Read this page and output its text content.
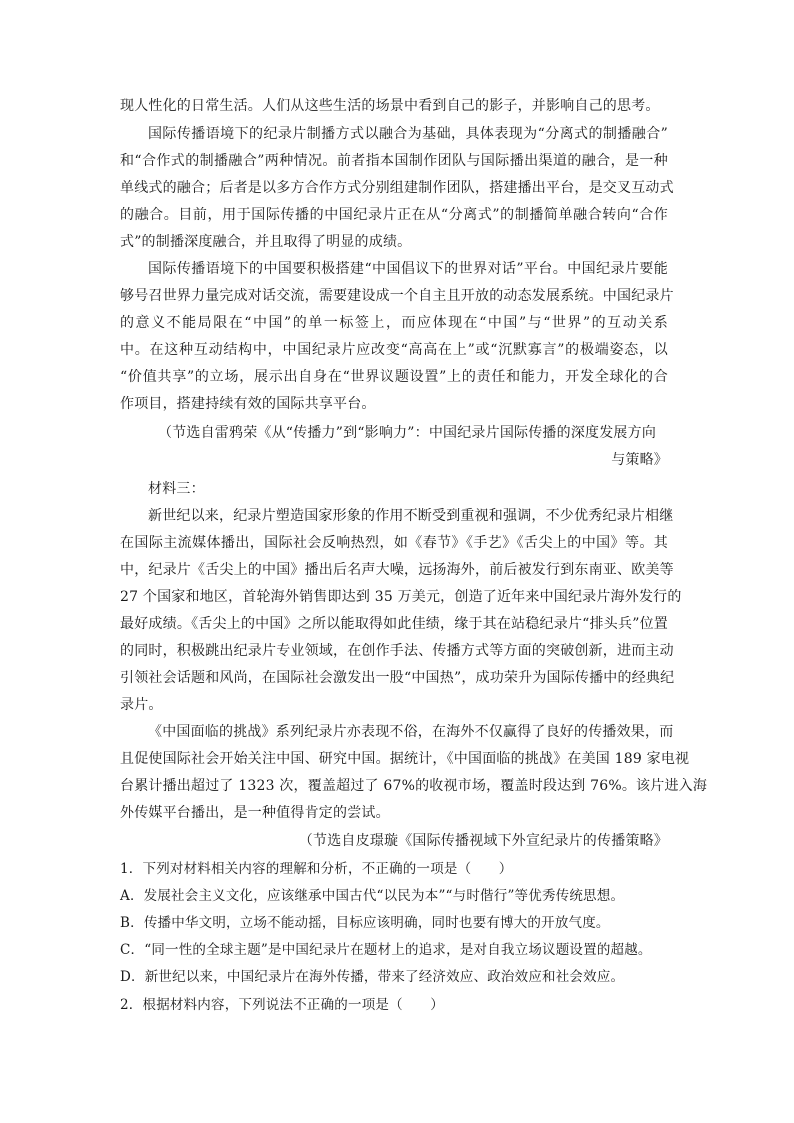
现人性化的日常生活。人们从这些生活的场景中看到自己的影子，并影响自己的思考。
国际传播语境下的纪录片制播方式以融合为基础，具体表现为“分离式的制播融合”
和“合作式的制播融合”两种情况。前者指本国制作团队与国际播出渠道的融合，是一种
单线式的融合；后者是以多方合作方式分别组建制作团队，搭建播出平台，是交叉互动式
的融合。目前，用于国际传播的中国纪录片正在从“分离式”的制播简单融合转向“合作
式”的制播深度融合，并且取得了明显的成绩。
国际传播语境下的中国要积极搭建“中国倡议下的世界对话”平台。中国纪录片要能
够号召世界力量完成对话交流，需要建设成一个自主且开放的动态发展系统。中国纪录片
的意义不能局限在“中国”的单一标签上，而应体现在“中国”与“世界”的互动关系
中。在这种互动结构中，中国纪录片应改变“高高在上”或“沉默寡言”的极端姿态，以
“价值共享”的立场，展示出自身在“世界议题设置”上的责任和能力，开发全球化的合
作项目，搭建持续有效的国际共享平台。
（节选自雷鸦荣《从“传播力”到“影响力”：中国纪录片国际传播的深度发展方向
与策略》
材料三：
新世纪以来，纪录片塑造国家形象的作用不断受到重视和强调，不少优秀纪录片相继
在国际主流媒体播出，国际社会反响热烈，如《春节》《手艺》《舌尖上的中国》等。其
中，纪录片《舌尖上的中国》播出后名声大噪，远扬海外，前后被发行到东南亚、欧美等
27 个国家和地区，首轮海外销售即达到 35 万美元，创造了近年来中国纪录片海外发行的
最好成绩。《舌尖上的中国》之所以能取得如此佳绩，缘于其在站稳纪录片“排头兵”位置
的同时，积极跳出纪录片专业领域，在创作手法、传播方式等方面的突破创新，进而主动
引领社会话题和风尚，在国际社会激发出一股“中国热”，成功荣升为国际传播中的经典纪
录片。
《中国面临的挑战》系列纪录片亦表现不俗，在海外不仅赢得了良好的传播效果，而
且促使国际社会开始关注中国、研究中国。据统计，《中国面临的挑战》在美国 189 家电视
台累计播出超过了 1323 次，覆盖超过了 67%的收视市场，覆盖时段达到 76%。该片进入海
外传媒平台播出，是一种值得肯定的尝试。
（节选自皮璟璇《国际传播视域下外宣纪录片的传播策略》
1．下列对材料相关内容的理解和分析，不正确的一项是（　　）
A．发展社会主义文化，应该继承中国古代“以民为本”“与时偕行”等优秀传统思想。
B．传播中华文明，立场不能动摇，目标应该明确，同时也要有博大的开放气度。
C．“同一性的全球主题”是中国纪录片在题材上的追求，是对自我立场议题设置的超越。
D．新世纪以来，中国纪录片在海外传播，带来了经济效应、政治效应和社会效应。
2．根据材料内容，下列说法不正确的一项是（　　）
